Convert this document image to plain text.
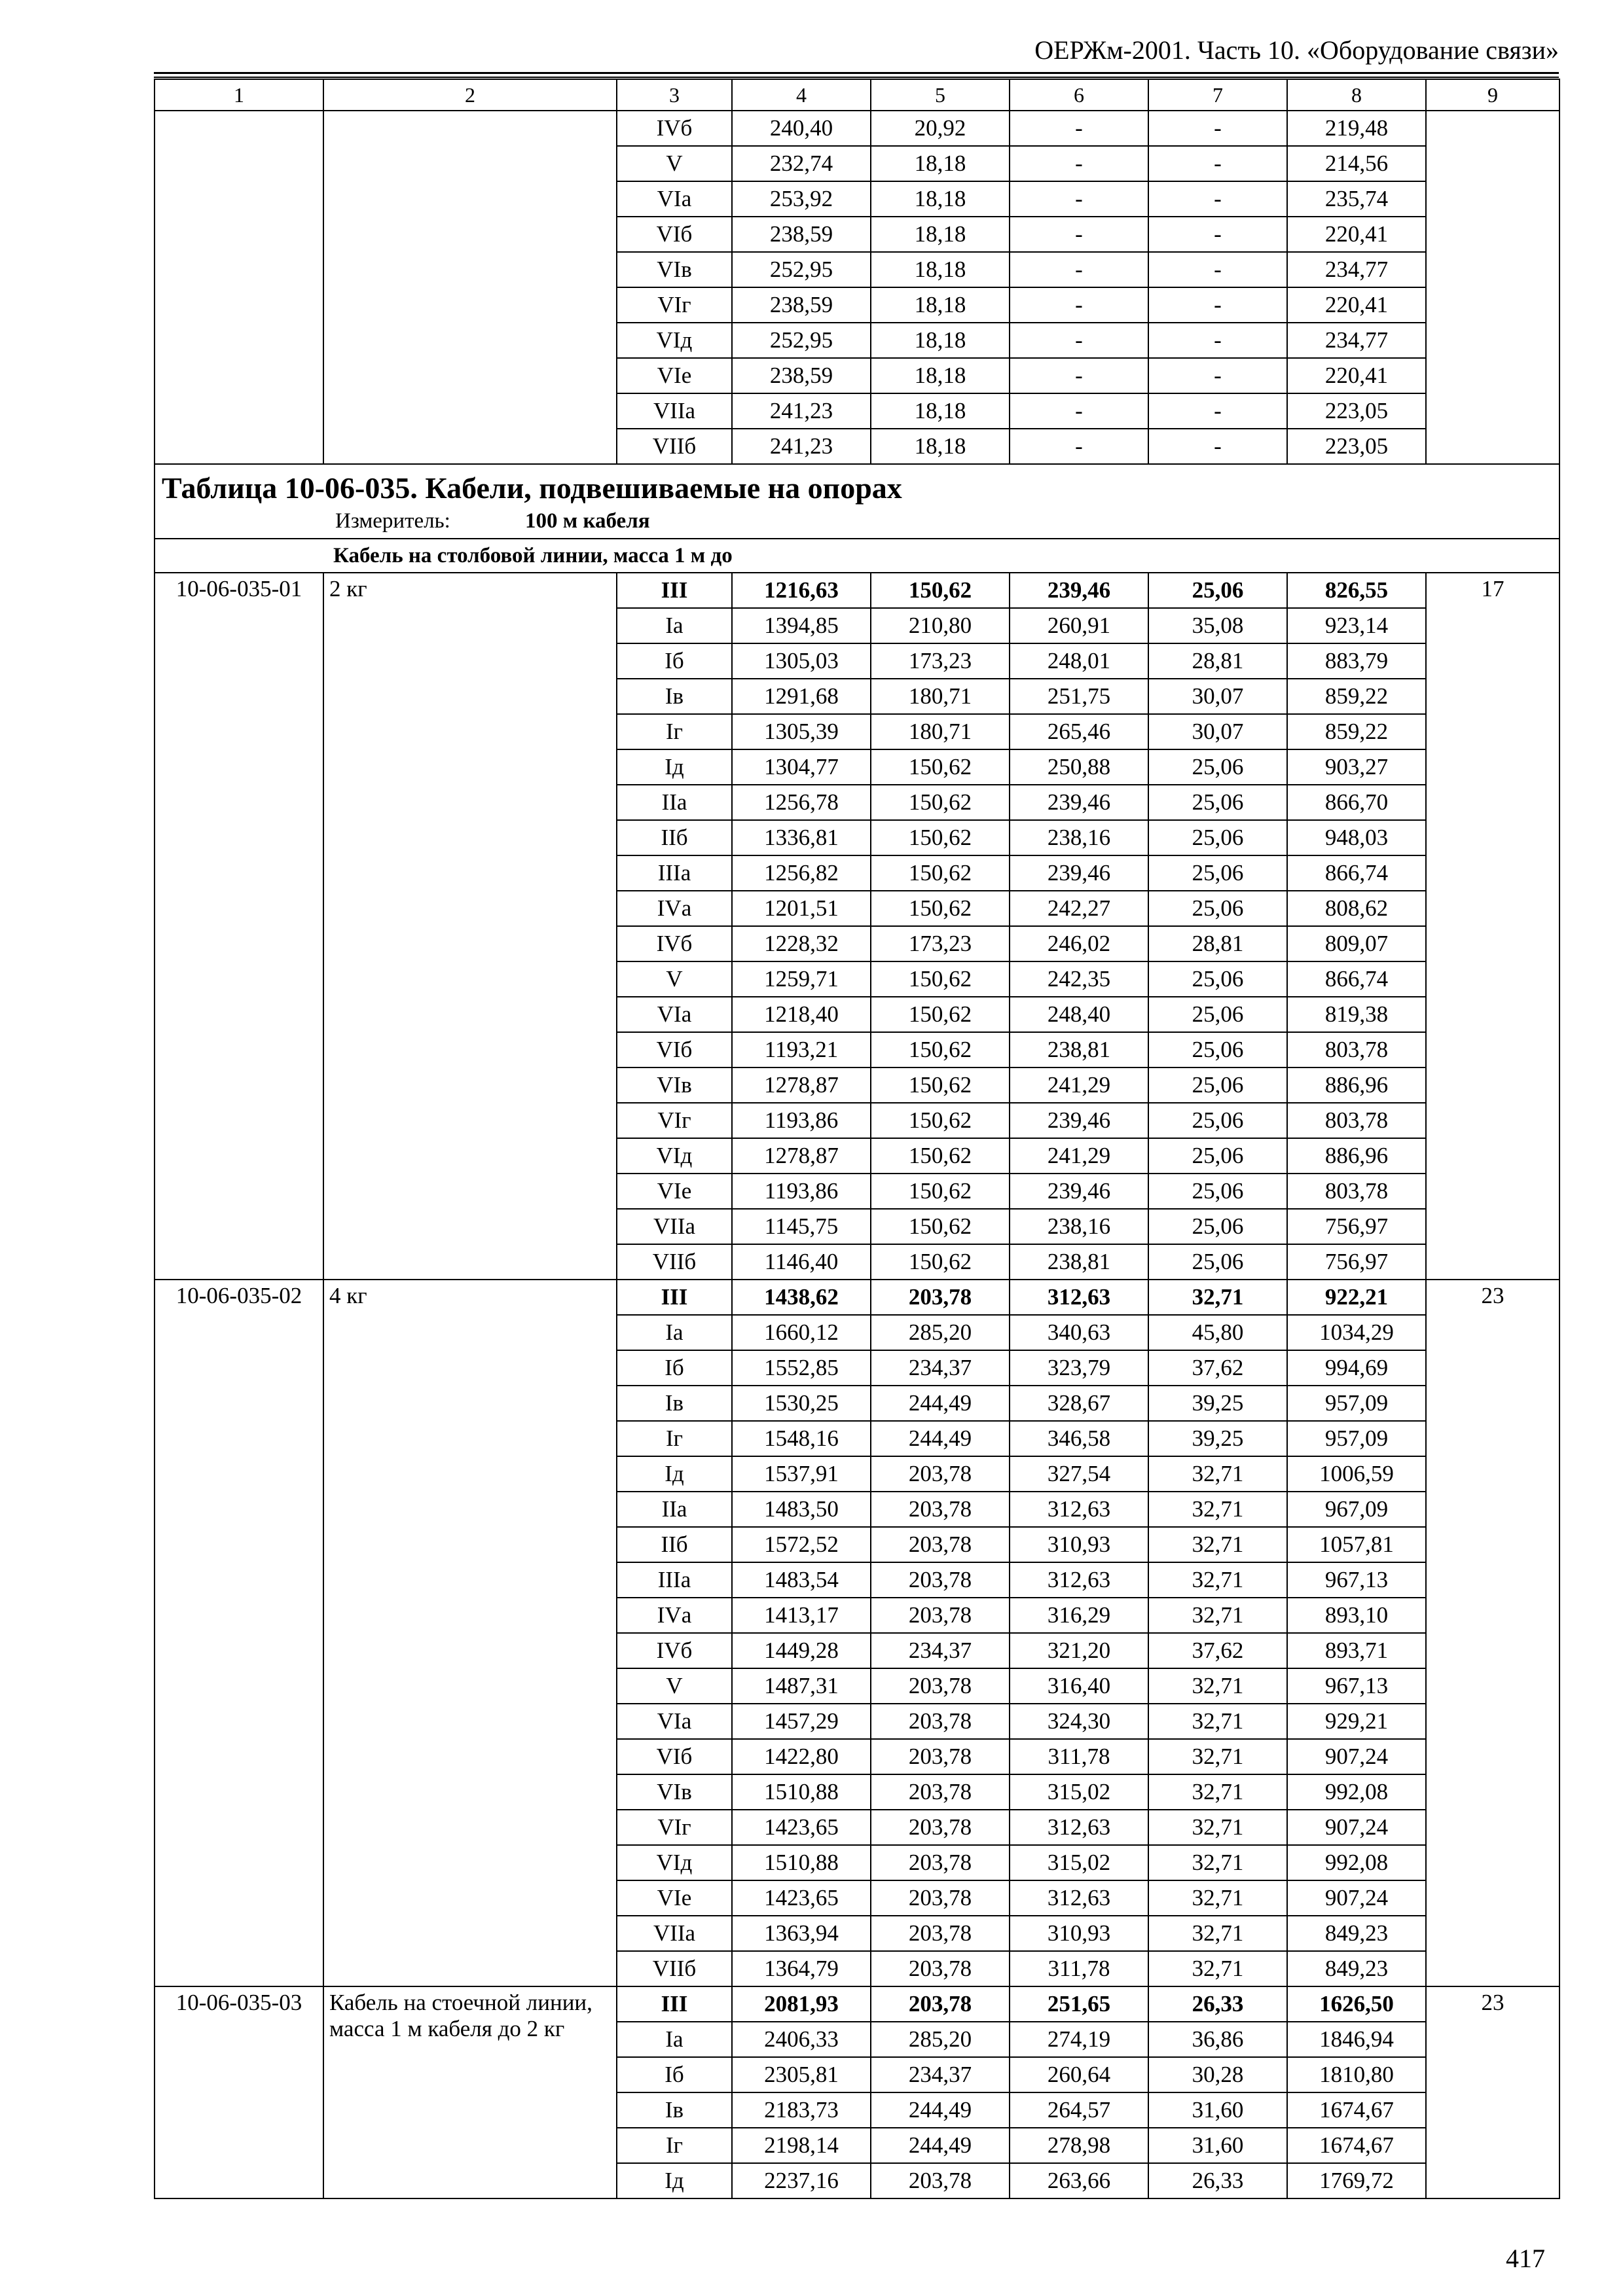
ОЕРЖм-2001. Часть 10. «Оборудование связи»
1	2	3	4	5	6	7	8	9
		IVб	240,40	20,92	-	-	219,48	
		V	232,74	18,18	-	-	214,56	
		VIа	253,92	18,18	-	-	235,74	
		VIб	238,59	18,18	-	-	220,41	
		VIв	252,95	18,18	-	-	234,77	
		VIг	238,59	18,18	-	-	220,41	
		VIд	252,95	18,18	-	-	234,77	
		VIе	238,59	18,18	-	-	220,41	
		VIIа	241,23	18,18	-	-	223,05	
		VIIб	241,23	18,18	-	-	223,05	

Таблица 10-06-035. Кабели, подвешиваемые на опорах
Измеритель: 100 м кабеля								

Кабель на столбовой линии, масса 1 м до								
10-06-035-01	2 кг	III	1216,63	150,62	239,46	25,06	826,55	17
		Iа	1394,85	210,80	260,91	35,08	923,14	
		Iб	1305,03	173,23	248,01	28,81	883,79	
		Iв	1291,68	180,71	251,75	30,07	859,22	
		Iг	1305,39	180,71	265,46	30,07	859,22	
		Iд	1304,77	150,62	250,88	25,06	903,27	
		IIа	1256,78	150,62	239,46	25,06	866,70	
		IIб	1336,81	150,62	238,16	25,06	948,03	
		IIIа	1256,82	150,62	239,46	25,06	866,74	
		IVа	1201,51	150,62	242,27	25,06	808,62	
		IVб	1228,32	173,23	246,02	28,81	809,07	
		V	1259,71	150,62	242,35	25,06	866,74	
		VIа	1218,40	150,62	248,40	25,06	819,38	
		VIб	1193,21	150,62	238,81	25,06	803,78	
		VIв	1278,87	150,62	241,29	25,06	886,96	
		VIг	1193,86	150,62	239,46	25,06	803,78	
		VIд	1278,87	150,62	241,29	25,06	886,96	
		VIе	1193,86	150,62	239,46	25,06	803,78	
		VIIа	1145,75	150,62	238,16	25,06	756,97	
		VIIб	1146,40	150,62	238,81	25,06	756,97	
10-06-035-02	4 кг	III	1438,62	203,78	312,63	32,71	922,21	23
		Iа	1660,12	285,20	340,63	45,80	1034,29	
		Iб	1552,85	234,37	323,79	37,62	994,69	
		Iв	1530,25	244,49	328,67	39,25	957,09	
		Iг	1548,16	244,49	346,58	39,25	957,09	
		Iд	1537,91	203,78	327,54	32,71	1006,59	
		IIа	1483,50	203,78	312,63	32,71	967,09	
		IIб	1572,52	203,78	310,93	32,71	1057,81	
		IIIа	1483,54	203,78	312,63	32,71	967,13	
		IVа	1413,17	203,78	316,29	32,71	893,10	
		IVб	1449,28	234,37	321,20	37,62	893,71	
		V	1487,31	203,78	316,40	32,71	967,13	
		VIа	1457,29	203,78	324,30	32,71	929,21	
		VIб	1422,80	203,78	311,78	32,71	907,24	
		VIв	1510,88	203,78	315,02	32,71	992,08	
		VIг	1423,65	203,78	312,63	32,71	907,24	
		VIд	1510,88	203,78	315,02	32,71	992,08	
		VIе	1423,65	203,78	312,63	32,71	907,24	
		VIIа	1363,94	203,78	310,93	32,71	849,23	
		VIIб	1364,79	203,78	311,78	32,71	849,23	
10-06-035-03	Кабель на стоечной линии, масса 1 м кабеля до 2 кг	III	2081,93	203,78	251,65	26,33	1626,50	23
		Iа	2406,33	285,20	274,19	36,86	1846,94	
		Iб	2305,81	234,37	260,64	30,28	1810,80	
		Iв	2183,73	244,49	264,57	31,60	1674,67	
		Iг	2198,14	244,49	278,98	31,60	1674,67	
		Iд	2237,16	203,78	263,66	26,33	1769,72	
417
